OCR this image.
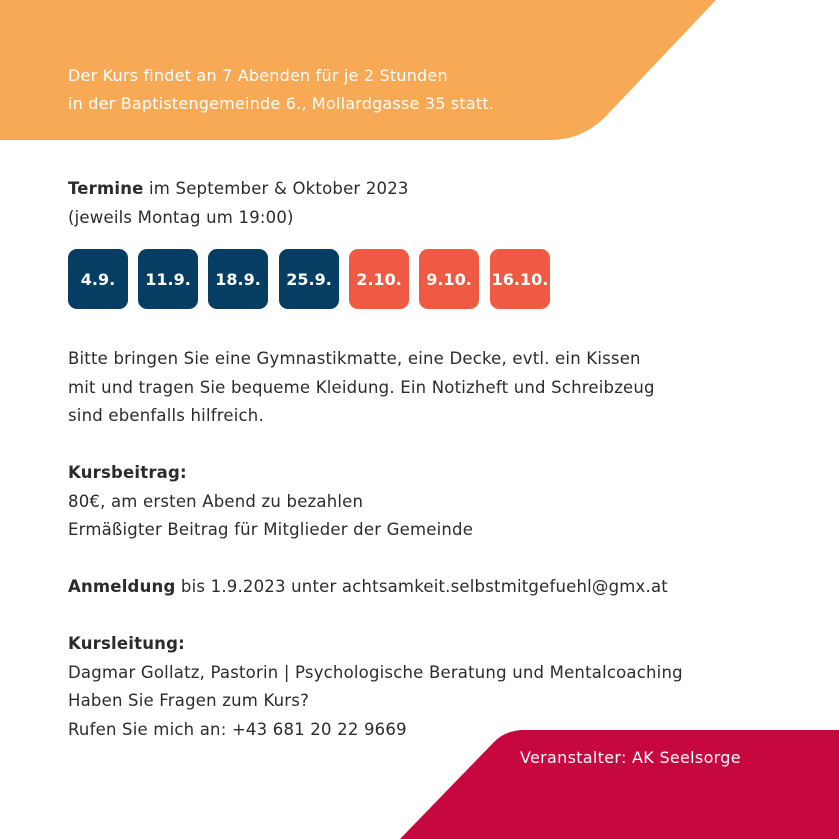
Der Kurs findet an 7 Abenden für je 2 Stunden
in der Baptistengemeinde 6., Mollardgasse 35 statt.
Termine im September & Oktober 2023
(jeweils Montag um 19:00)
4.9.	11.9.	18.9.	25.9.	2.10.	9.10.	16.10.
Bitte bringen Sie eine Gymnastikmatte, eine Decke, evtl. ein Kissen
mit und tragen Sie bequeme Kleidung. Ein Notizheft und Schreibzeug
sind ebenfalls hilfreich.
Kursbeitrag:
80€, am ersten Abend zu bezahlen
Ermäßigter Beitrag für Mitglieder der Gemeinde
Anmeldung bis 1.9.2023 unter achtsamkeit.selbstmitgefuehl@gmx.at
Kursleitung:
Dagmar Gollatz, Pastorin | Psychologische Beratung und Mentalcoaching
Haben Sie Fragen zum Kurs?
Rufen Sie mich an: +43 681 20 22 9669
Veranstalter: AK Seelsorge
